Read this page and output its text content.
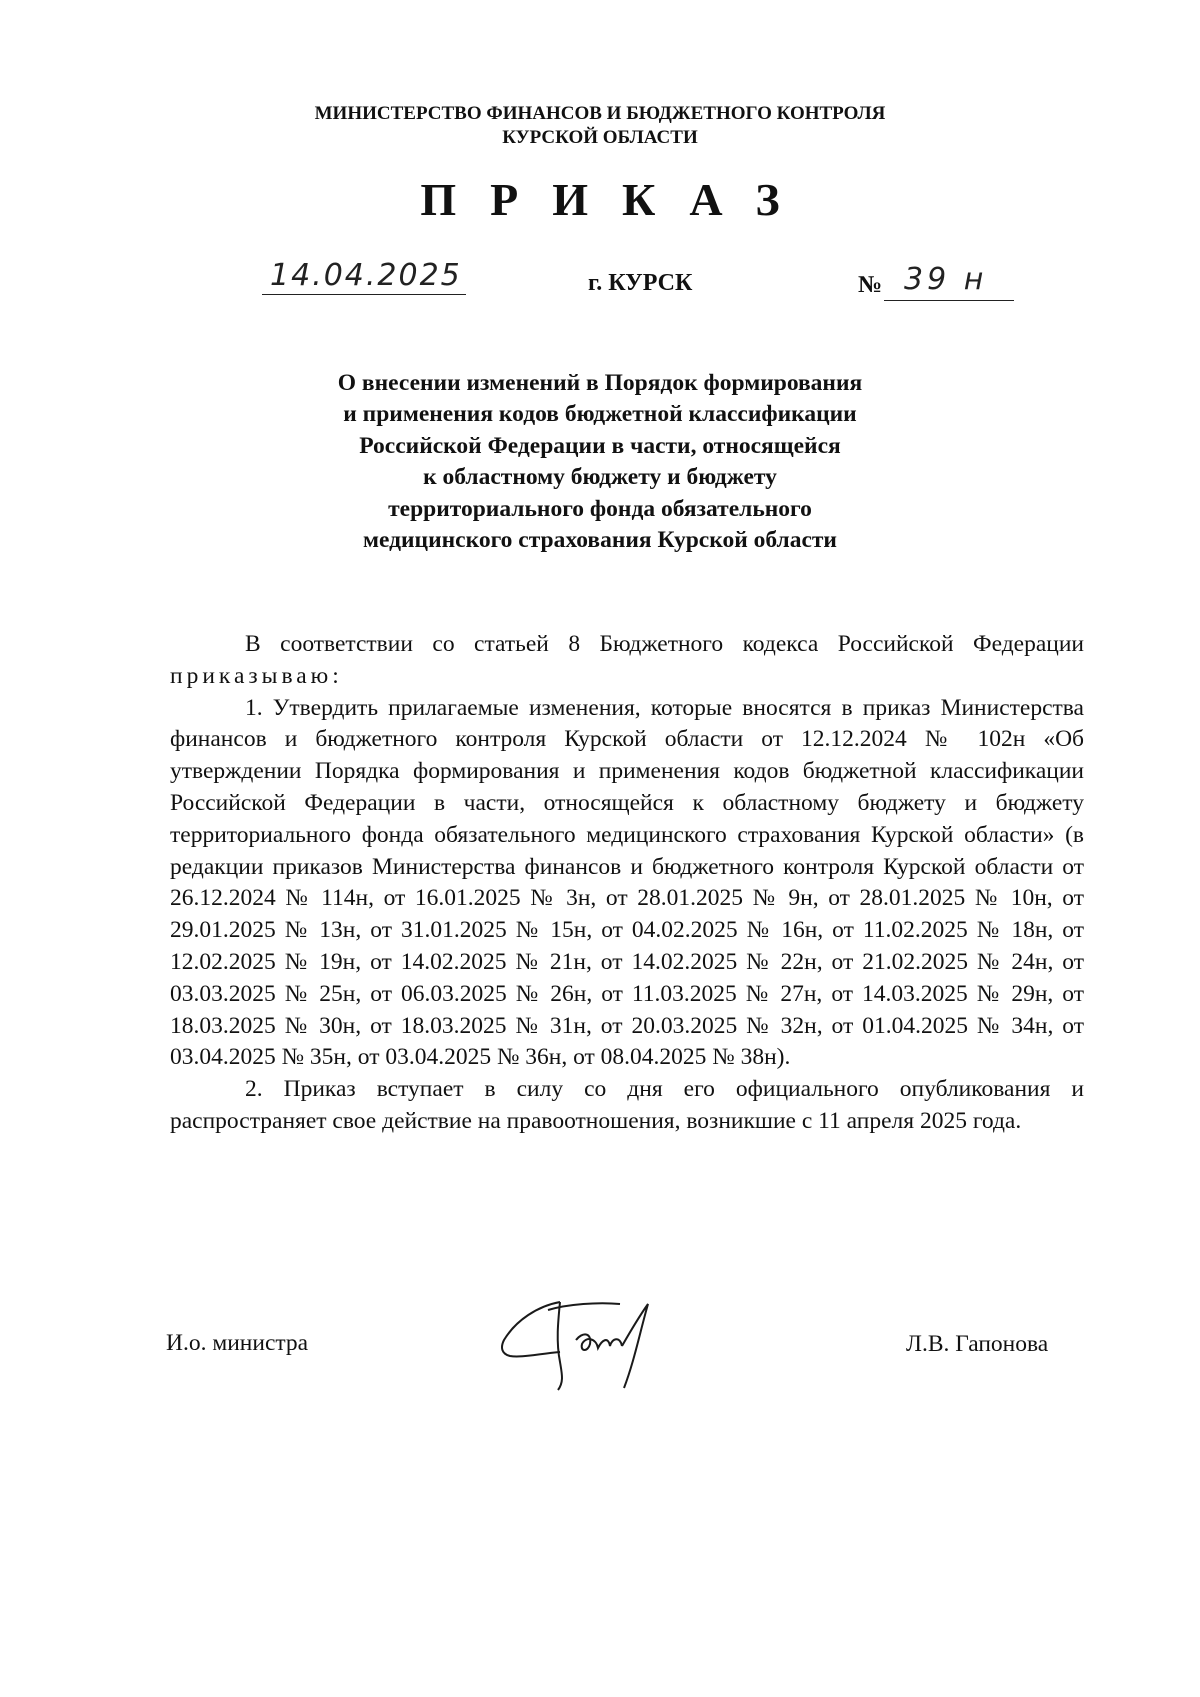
МИНИСТЕРСТВО ФИНАНСОВ И БЮДЖЕТНОГО КОНТРОЛЯ
КУРСКОЙ ОБЛАСТИ
ПРИКАЗ
14.04.2025	г. КУРСК	№ 39 н
О внесении изменений в Порядок формирования
и применения кодов бюджетной классификации
Российской Федерации в части, относящейся
к областному бюджету и бюджету
территориального фонда обязательного
медицинского страхования Курской области

В соответствии со статьей 8 Бюджетного кодекса Российской Федерации приказываю:

1. Утвердить прилагаемые изменения, которые вносятся в приказ Министерства финансов и бюджетного контроля Курской области от 12.12.2024 № 102н «Об утверждении Порядка формирования и применения кодов бюджетной классификации Российской Федерации в части, относящейся к областному бюджету и бюджету территориального фонда обязательного медицинского страхования Курской области» (в редакции приказов Министерства финансов и бюджетного контроля Курской области от 26.12.2024 № 114н, от 16.01.2025 № 3н, от 28.01.2025 № 9н, от 28.01.2025 № 10н, от 29.01.2025 № 13н, от 31.01.2025 № 15н, от 04.02.2025 № 16н, от 11.02.2025 № 18н, от 12.02.2025 № 19н, от 14.02.2025 № 21н, от 14.02.2025 № 22н, от 21.02.2025 № 24н, от 03.03.2025 № 25н, от 06.03.2025 № 26н, от 11.03.2025 № 27н, от 14.03.2025 № 29н, от 18.03.2025 № 30н, от 18.03.2025 № 31н, от 20.03.2025 № 32н, от 01.04.2025 № 34н, от 03.04.2025 № 35н, от 03.04.2025 № 36н, от 08.04.2025 № 38н).

2. Приказ вступает в силу со дня его официального опубликования и распространяет свое действие на правоотношения, возникшие с 11 апреля 2025 года.

И.о. министра	Л.В. Гапонова
